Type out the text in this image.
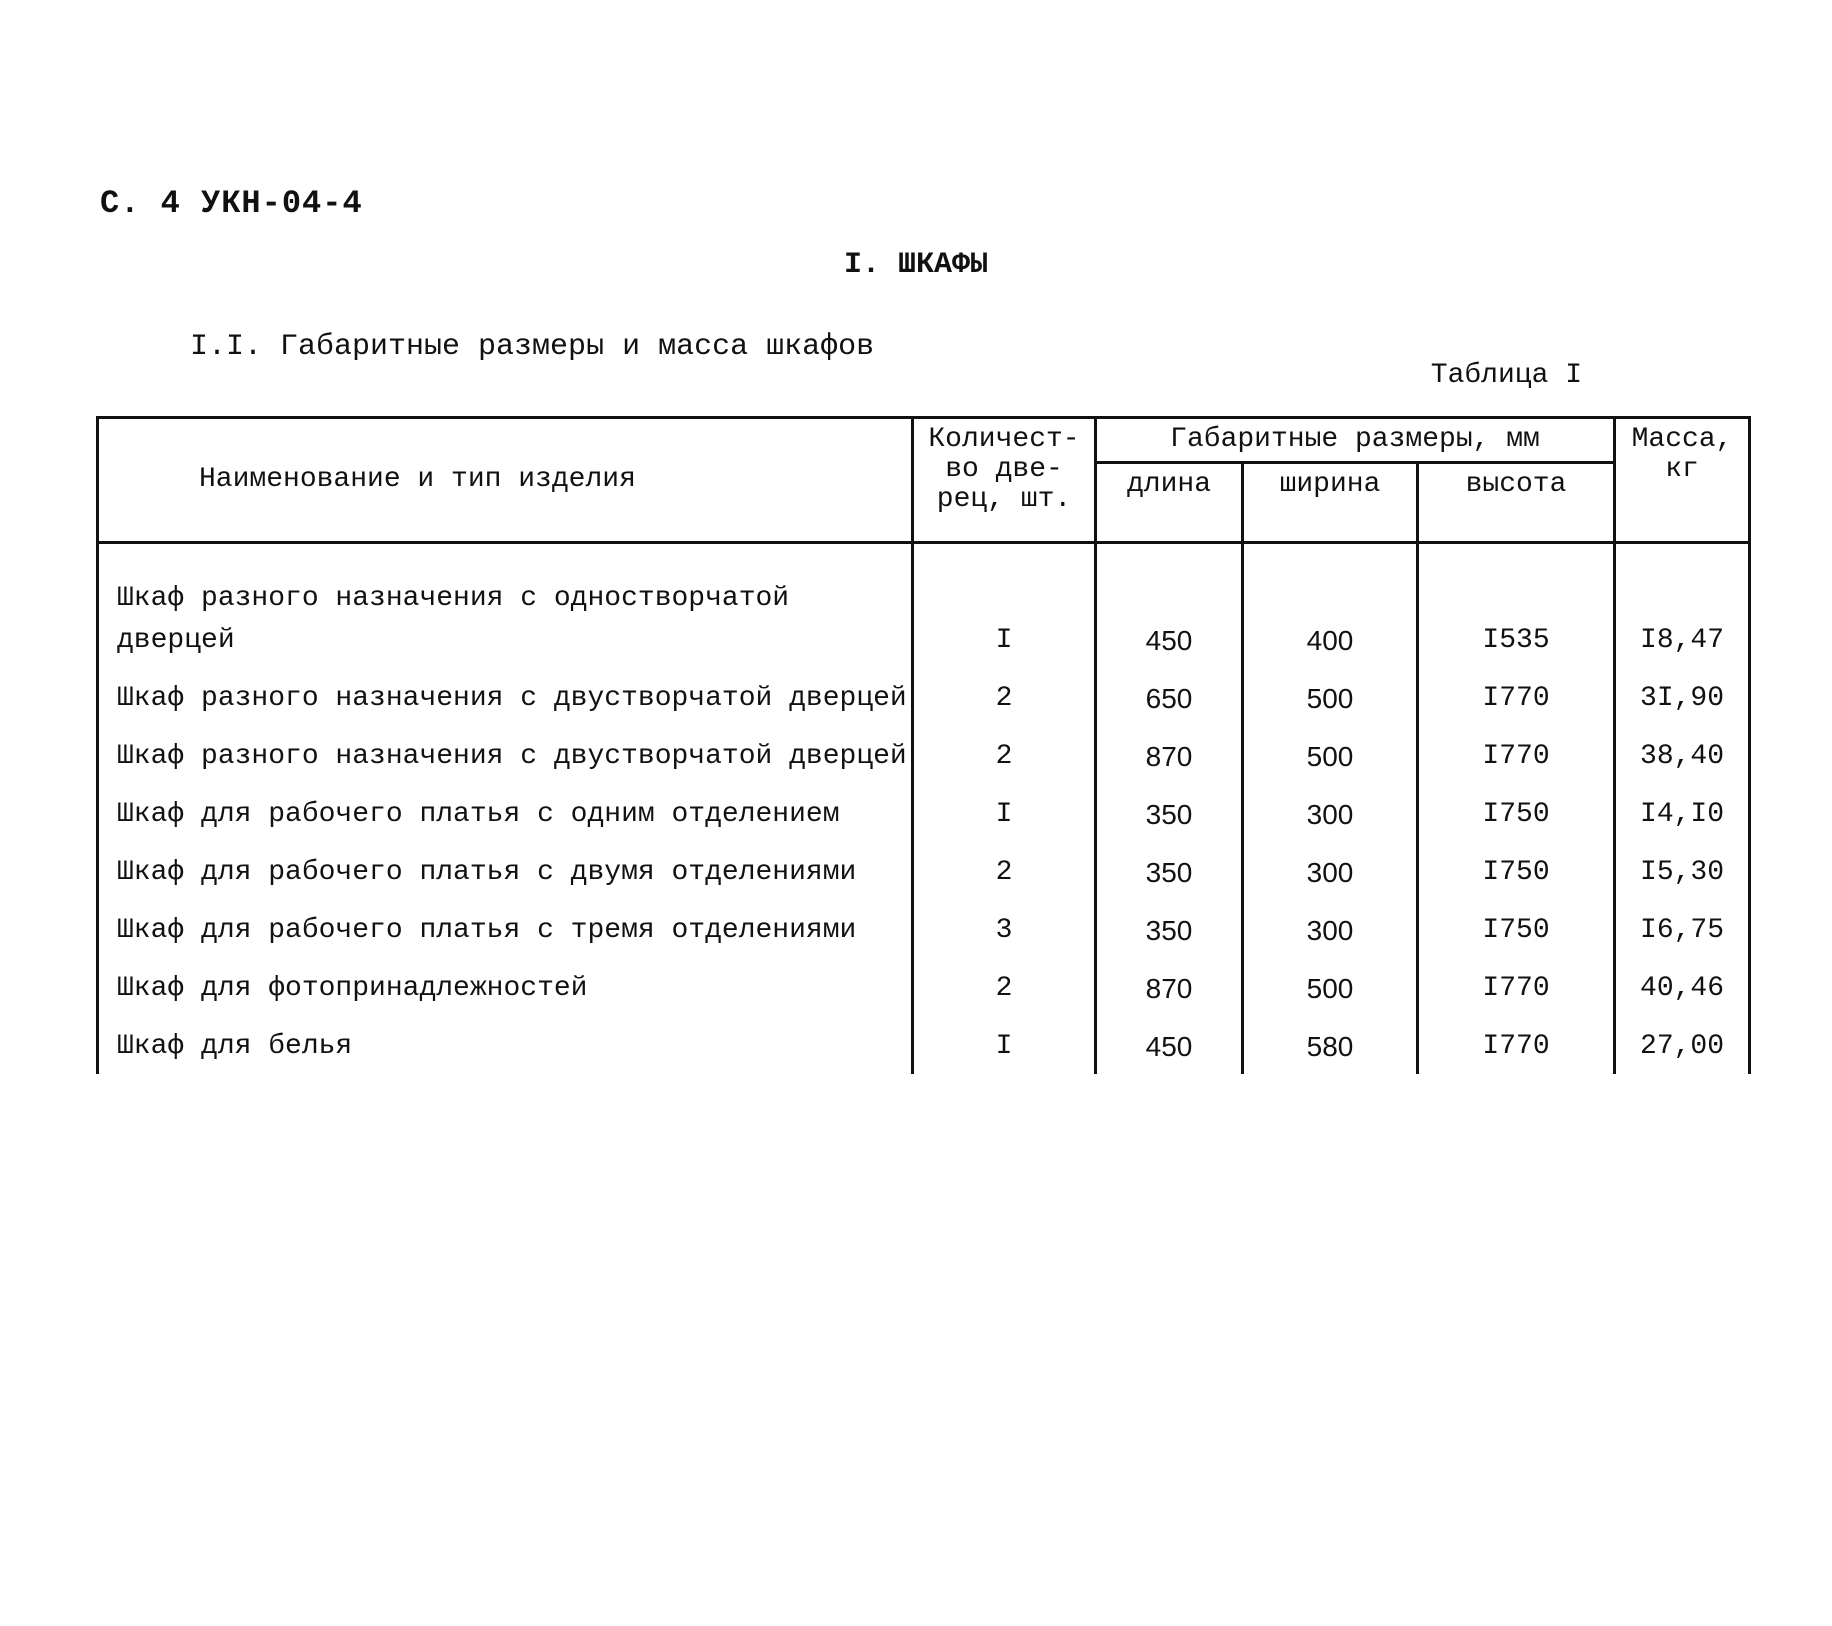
С. 4 УКН-04-4
I. ШКАФЫ
I.I. Габаритные размеры и масса шкафов
Таблица I
Наименование и тип изделия	Количест-во две-рец, шт.	Габаритные размеры, мм			Масса, кг
		длина	ширина	высота	
Шкаф разного назначения с одностворчатой дверцей	I	450	400	I535	I8,47
Шкаф разного назначения с двустворчатой дверцей	2	650	500	I770	3I,90
Шкаф разного назначения с двустворчатой дверцей	2	870	500	I770	38,40
Шкаф для рабочего платья с одним отделением	I	350	300	I750	I4,I0
Шкаф для рабочего платья с двумя отделениями	2	350	300	I750	I5,30
Шкаф для рабочего платья с тремя отделениями	3	350	300	I750	I6,75
Шкаф для фотопринадлежностей	2	870	500	I770	40,46
Шкаф для белья	I	450	580	I770	27,00
